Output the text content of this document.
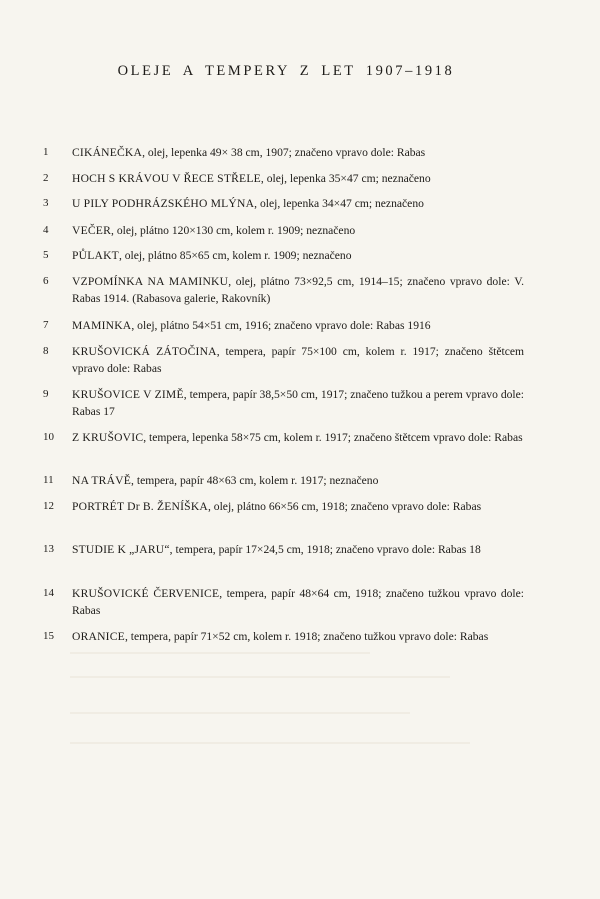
OLEJE A TEMPERY Z LET 1907–1918
1	CIKÁNEČKA, olej, lepenka 49× 38 cm, 1907; značeno vpravo dole: Rabas
2	HOCH S KRÁVOU V ŘECE STŘELE, olej, lepenka 35×47 cm; neznačeno
3	U PILY PODHRÁZSKÉHO MLÝNA, olej, lepenka 34×47 cm; neznačeno
4	VEČER, olej, plátno 120×130 cm, kolem r. 1909; neznačeno
5	PŮLAKT, olej, plátno 85×65 cm, kolem r. 1909; neznačeno
6	VZPOMÍNKA NA MAMINKU, olej, plátno 73×92,5 cm, 1914–15; značeno vpravo dole: V. Rabas 1914. (Rabasova galerie, Rakovník)
7	MAMINKA, olej, plátno 54×51 cm, 1916; značeno vpravo dole: Rabas 1916
8	KRUŠOVICKÁ ZÁTOČINA, tempera, papír 75×100 cm, kolem r. 1917; značeno štětcem vpravo dole: Rabas
9	KRUŠOVICE V ZIMĚ, tempera, papír 38,5×50 cm, 1917; značeno tužkou a perem vpravo dole: Rabas 17
10	Z KRUŠOVIC, tempera, lepenka 58×75 cm, kolem r. 1917; značeno štětcem vpravo dole: Rabas
11	NA TRÁVĚ, tempera, papír 48×63 cm, kolem r. 1917; neznačeno
12	PORTRÉT Dr B. ŽENÍŠKA, olej, plátno 66×56 cm, 1918; značeno vpravo dole: Rabas
13	STUDIE K „JARU“, tempera, papír 17×24,5 cm, 1918; značeno vpravo dole: Rabas 18
14	KRUŠOVICKÉ ČERVENICE, tempera, papír 48×64 cm, 1918; značeno tužkou vpravo dole: Rabas
15	ORANICE, tempera, papír 71×52 cm, kolem r. 1918; značeno tužkou vpravo dole: Rabas
